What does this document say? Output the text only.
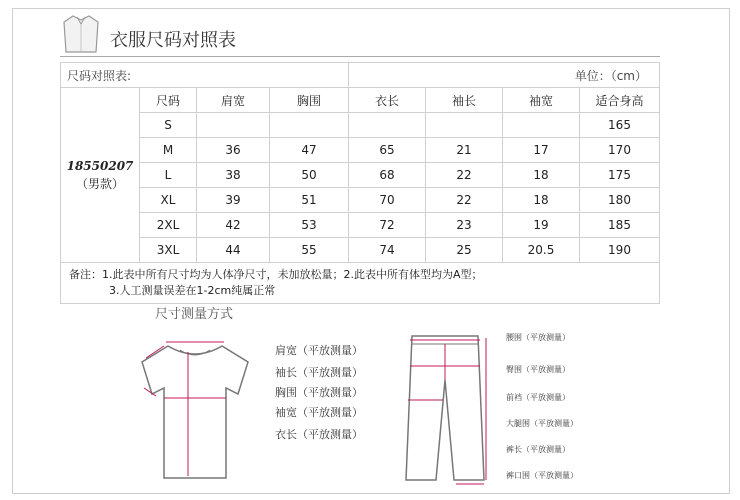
衣服尺码对照表
尺码对照表:				单位：（cm）			

18550207
（男款）	尺码	肩宽	胸围	衣长	袖长	袖宽	适合身高
	S						165
	M	36	47	65	21	17	170
	L	38	50	68	22	18	175
	XL	39	51	70	22	18	180
	2XL	42	53	72	23	19	185
	3XL	44	55	74	25	20.5	190

备注：1.此表中所有尺寸均为人体净尺寸，未加放松量；2.此表中所有体型均为A型；
3.人工测量误差在1-2cm纯属正常							
尺寸测量方式
肩宽（平放测量）
袖长（平放测量）
胸围（平放测量）
袖宽（平放测量）
衣长（平放测量）
腰围（平放测量）
臀围（平放测量）
前裆（平放测量）
大腿围（平放测量）
裤长（平放测量）
裤口围（平放测量）
